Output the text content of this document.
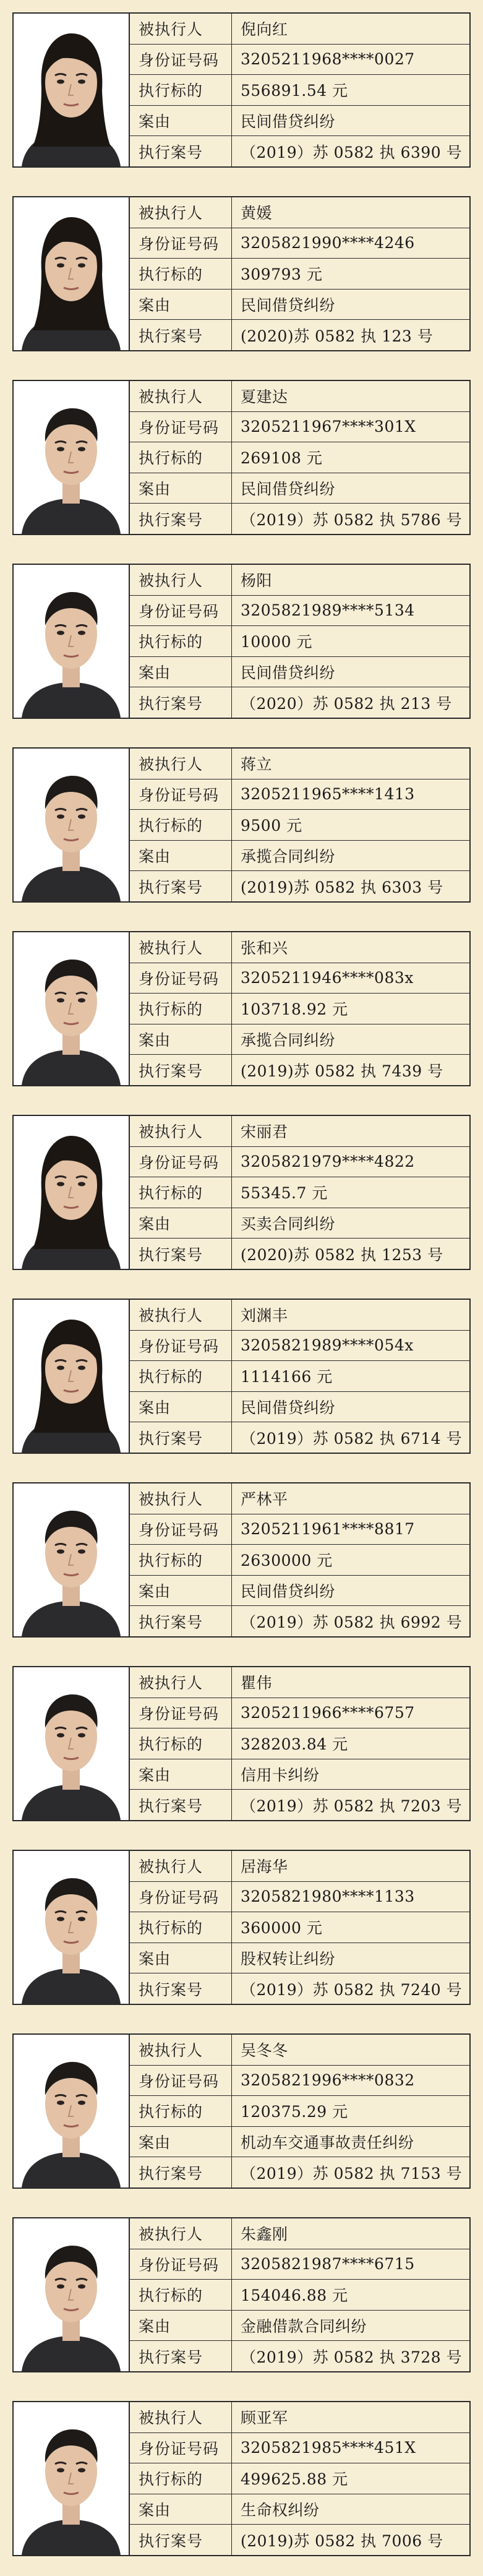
被执行人	倪向红
身份证号码	3205211968****0027
执行标的	556891.54 元
案由	民间借贷纠纷
执行案号	（2019）苏 0582 执 6390 号
被执行人	黄媛
身份证号码	3205821990****4246
执行标的	309793 元
案由	民间借贷纠纷
执行案号	(2020)苏 0582 执 123 号
被执行人	夏建达
身份证号码	3205211967****301X
执行标的	269108 元
案由	民间借贷纠纷
执行案号	（2019）苏 0582 执 5786 号
被执行人	杨阳
身份证号码	3205821989****5134
执行标的	10000 元
案由	民间借贷纠纷
执行案号	（2020）苏 0582 执 213 号
被执行人	蒋立
身份证号码	3205211965****1413
执行标的	9500 元
案由	承揽合同纠纷
执行案号	(2019)苏 0582 执 6303 号
被执行人	张和兴
身份证号码	3205211946****083x
执行标的	103718.92 元
案由	承揽合同纠纷
执行案号	(2019)苏 0582 执 7439 号
被执行人	宋丽君
身份证号码	3205821979****4822
执行标的	55345.7 元
案由	买卖合同纠纷
执行案号	(2020)苏 0582 执 1253 号
被执行人	刘渊丰
身份证号码	3205821989****054x
执行标的	1114166 元
案由	民间借贷纠纷
执行案号	（2019）苏 0582 执 6714 号
被执行人	严林平
身份证号码	3205211961****8817
执行标的	2630000 元
案由	民间借贷纠纷
执行案号	（2019）苏 0582 执 6992 号
被执行人	瞿伟
身份证号码	3205211966****6757
执行标的	328203.84 元
案由	信用卡纠纷
执行案号	（2019）苏 0582 执 7203 号
被执行人	居海华
身份证号码	3205821980****1133
执行标的	360000 元
案由	股权转让纠纷
执行案号	（2019）苏 0582 执 7240 号
被执行人	吴冬冬
身份证号码	3205821996****0832
执行标的	120375.29 元
案由	机动车交通事故责任纠纷
执行案号	（2019）苏 0582 执 7153 号
被执行人	朱鑫刚
身份证号码	3205821987****6715
执行标的	154046.88 元
案由	金融借款合同纠纷
执行案号	（2019）苏 0582 执 3728 号
被执行人	顾亚军
身份证号码	3205821985****451X
执行标的	499625.88 元
案由	生命权纠纷
执行案号	(2019)苏 0582 执 7006 号
